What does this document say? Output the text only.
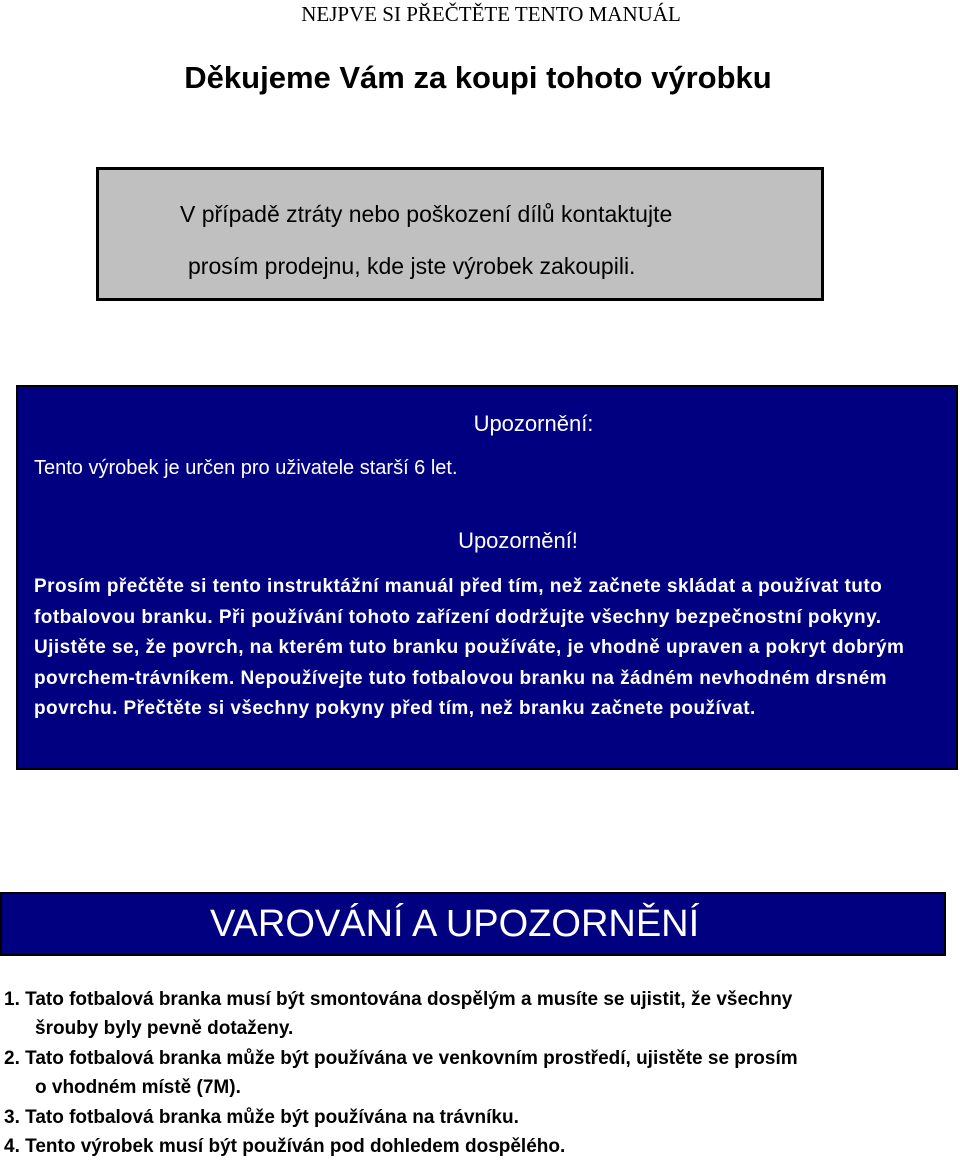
NEJPVE SI PŘEČTĚTE TENTO MANUÁL
Děkujeme Vám za koupi tohoto výrobku
V případě ztráty nebo poškození dílů kontaktujte
prosím prodejnu, kde jste výrobek zakoupili.
Upozornění:
Tento výrobek je určen pro uživatele starší 6 let.
Upozornění!
Prosím přečtěte si tento instruktážní manuál před tím, než začnete skládat a používat tuto fotbalovou branku. Při používání tohoto zařízení dodržujte všechny bezpečnostní pokyny. Ujistěte se, že povrch, na kterém tuto branku používáte, je vhodně upraven a pokryt dobrým povrchem-trávníkem. Nepoužívejte tuto fotbalovou branku na žádném nevhodném drsném povrchu. Přečtěte si všechny pokyny před tím, než branku začnete používat.
VAROVÁNÍ A UPOZORNĚNÍ
1. Tato fotbalová branka musí být smontována dospělým a musíte se ujistit, že všechny
šrouby byly pevně dotaženy.
2. Tato fotbalová branka může být používána ve venkovním prostředí, ujistěte se prosím
o vhodném místě (7M).
3. Tato fotbalová branka může být používána na trávníku.
4. Tento výrobek musí být používán pod dohledem dospělého.
